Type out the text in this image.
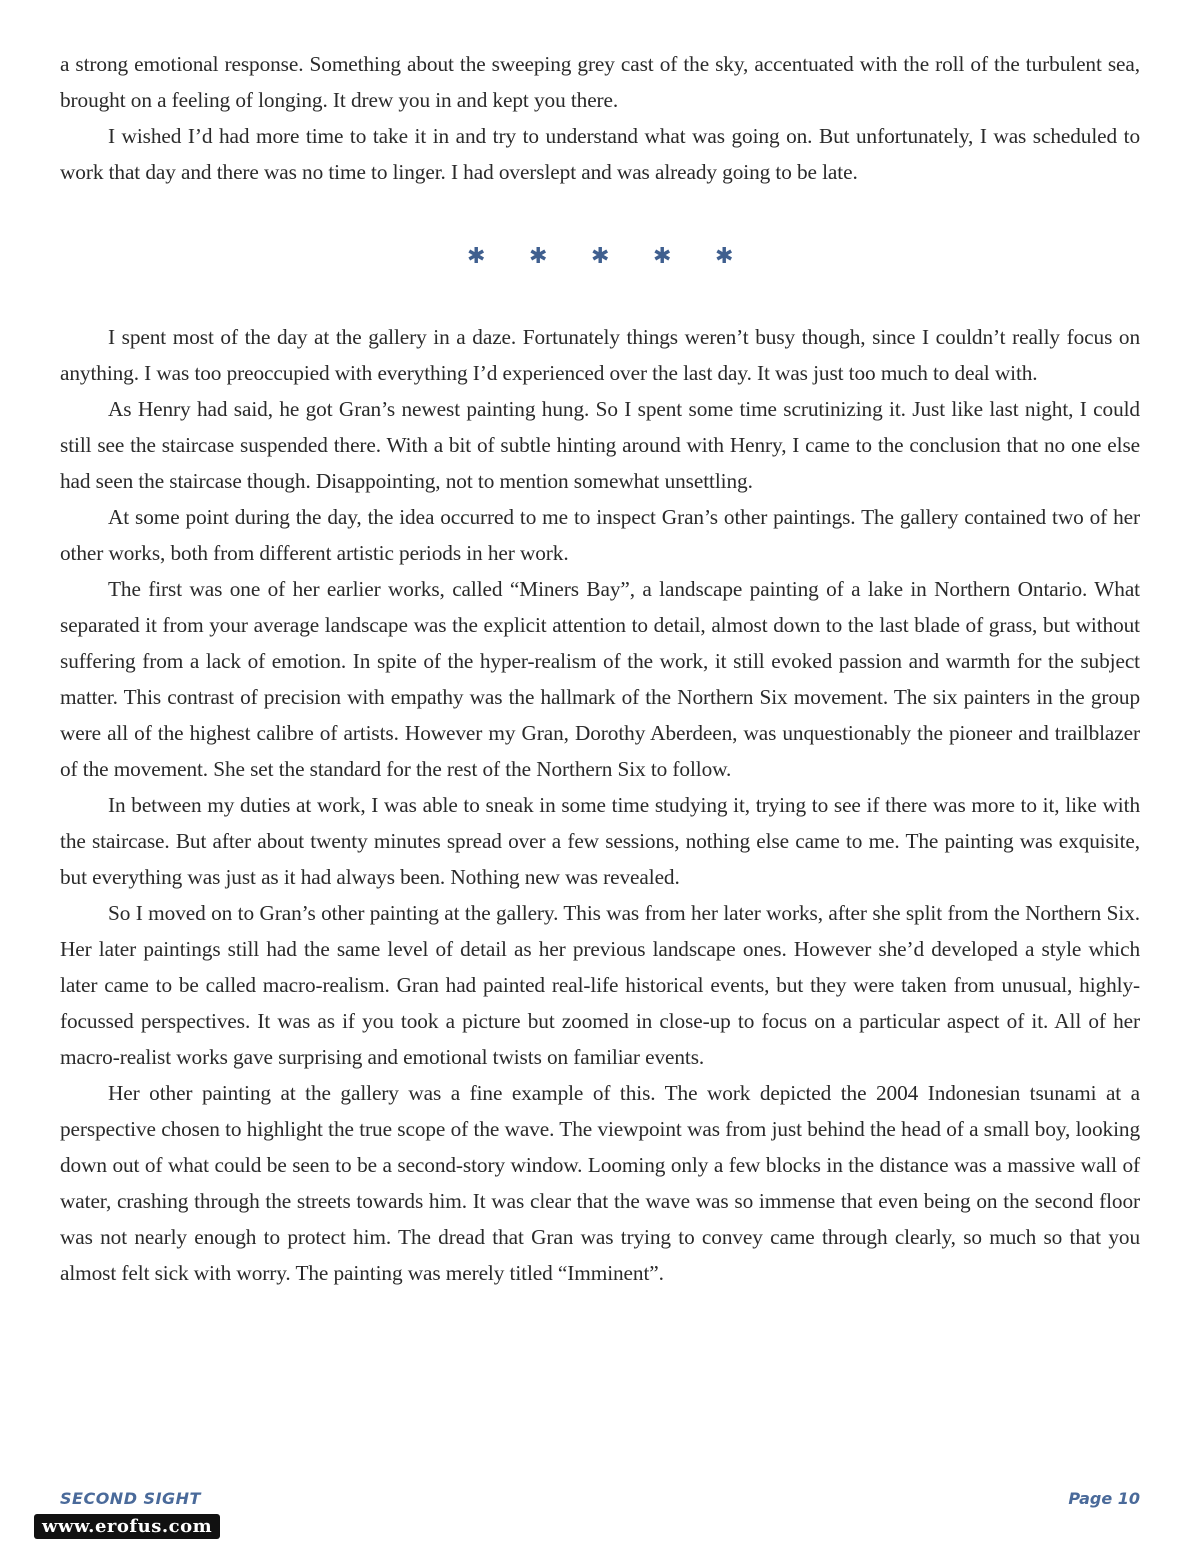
a strong emotional response. Something about the sweeping grey cast of the sky, accentuated with the roll of the turbulent sea, brought on a feeling of longing. It drew you in and kept you there.

I wished I’d had more time to take it in and try to understand what was going on. But unfortunately, I was scheduled to work that day and there was no time to linger. I had overslept and was already going to be late.

✱ ✱ ✱ ✱ ✱

I spent most of the day at the gallery in a daze. Fortunately things weren’t busy though, since I couldn’t really focus on anything. I was too preoccupied with everything I’d experienced over the last day. It was just too much to deal with.

As Henry had said, he got Gran’s newest painting hung. So I spent some time scrutinizing it. Just like last night, I could still see the staircase suspended there. With a bit of subtle hinting around with Henry, I came to the conclusion that no one else had seen the staircase though. Disappointing, not to mention somewhat unsettling.

At some point during the day, the idea occurred to me to inspect Gran’s other paintings. The gallery contained two of her other works, both from different artistic periods in her work.

The first was one of her earlier works, called “Miners Bay”, a landscape painting of a lake in Northern Ontario. What separated it from your average landscape was the explicit attention to detail, almost down to the last blade of grass, but without suffering from a lack of emotion. In spite of the hyper-realism of the work, it still evoked passion and warmth for the subject matter. This contrast of precision with empathy was the hallmark of the Northern Six movement. The six painters in the group were all of the highest calibre of artists. However my Gran, Dorothy Aberdeen, was unquestionably the pioneer and trailblazer of the movement. She set the standard for the rest of the Northern Six to follow.

In between my duties at work, I was able to sneak in some time studying it, trying to see if there was more to it, like with the staircase. But after about twenty minutes spread over a few sessions, nothing else came to me. The painting was exquisite, but everything was just as it had always been. Nothing new was revealed.

So I moved on to Gran’s other painting at the gallery. This was from her later works, after she split from the Northern Six. Her later paintings still had the same level of detail as her previous landscape ones. However she’d developed a style which later came to be called macro-realism. Gran had painted real-life historical events, but they were taken from unusual, highly-focussed perspectives. It was as if you took a picture but zoomed in close-up to focus on a particular aspect of it. All of her macro-realist works gave surprising and emotional twists on familiar events.

Her other painting at the gallery was a fine example of this. The work depicted the 2004 Indonesian tsunami at a perspective chosen to highlight the true scope of the wave. The viewpoint was from just behind the head of a small boy, looking down out of what could be seen to be a second-story window. Looming only a few blocks in the distance was a massive wall of water, crashing through the streets towards him. It was clear that the wave was so immense that even being on the second floor was not nearly enough to protect him. The dread that Gran was trying to convey came through clearly, so much so that you almost felt sick with worry. The painting was merely titled “Imminent”.

SECOND SIGHT	Page 10
www.erofus.com
